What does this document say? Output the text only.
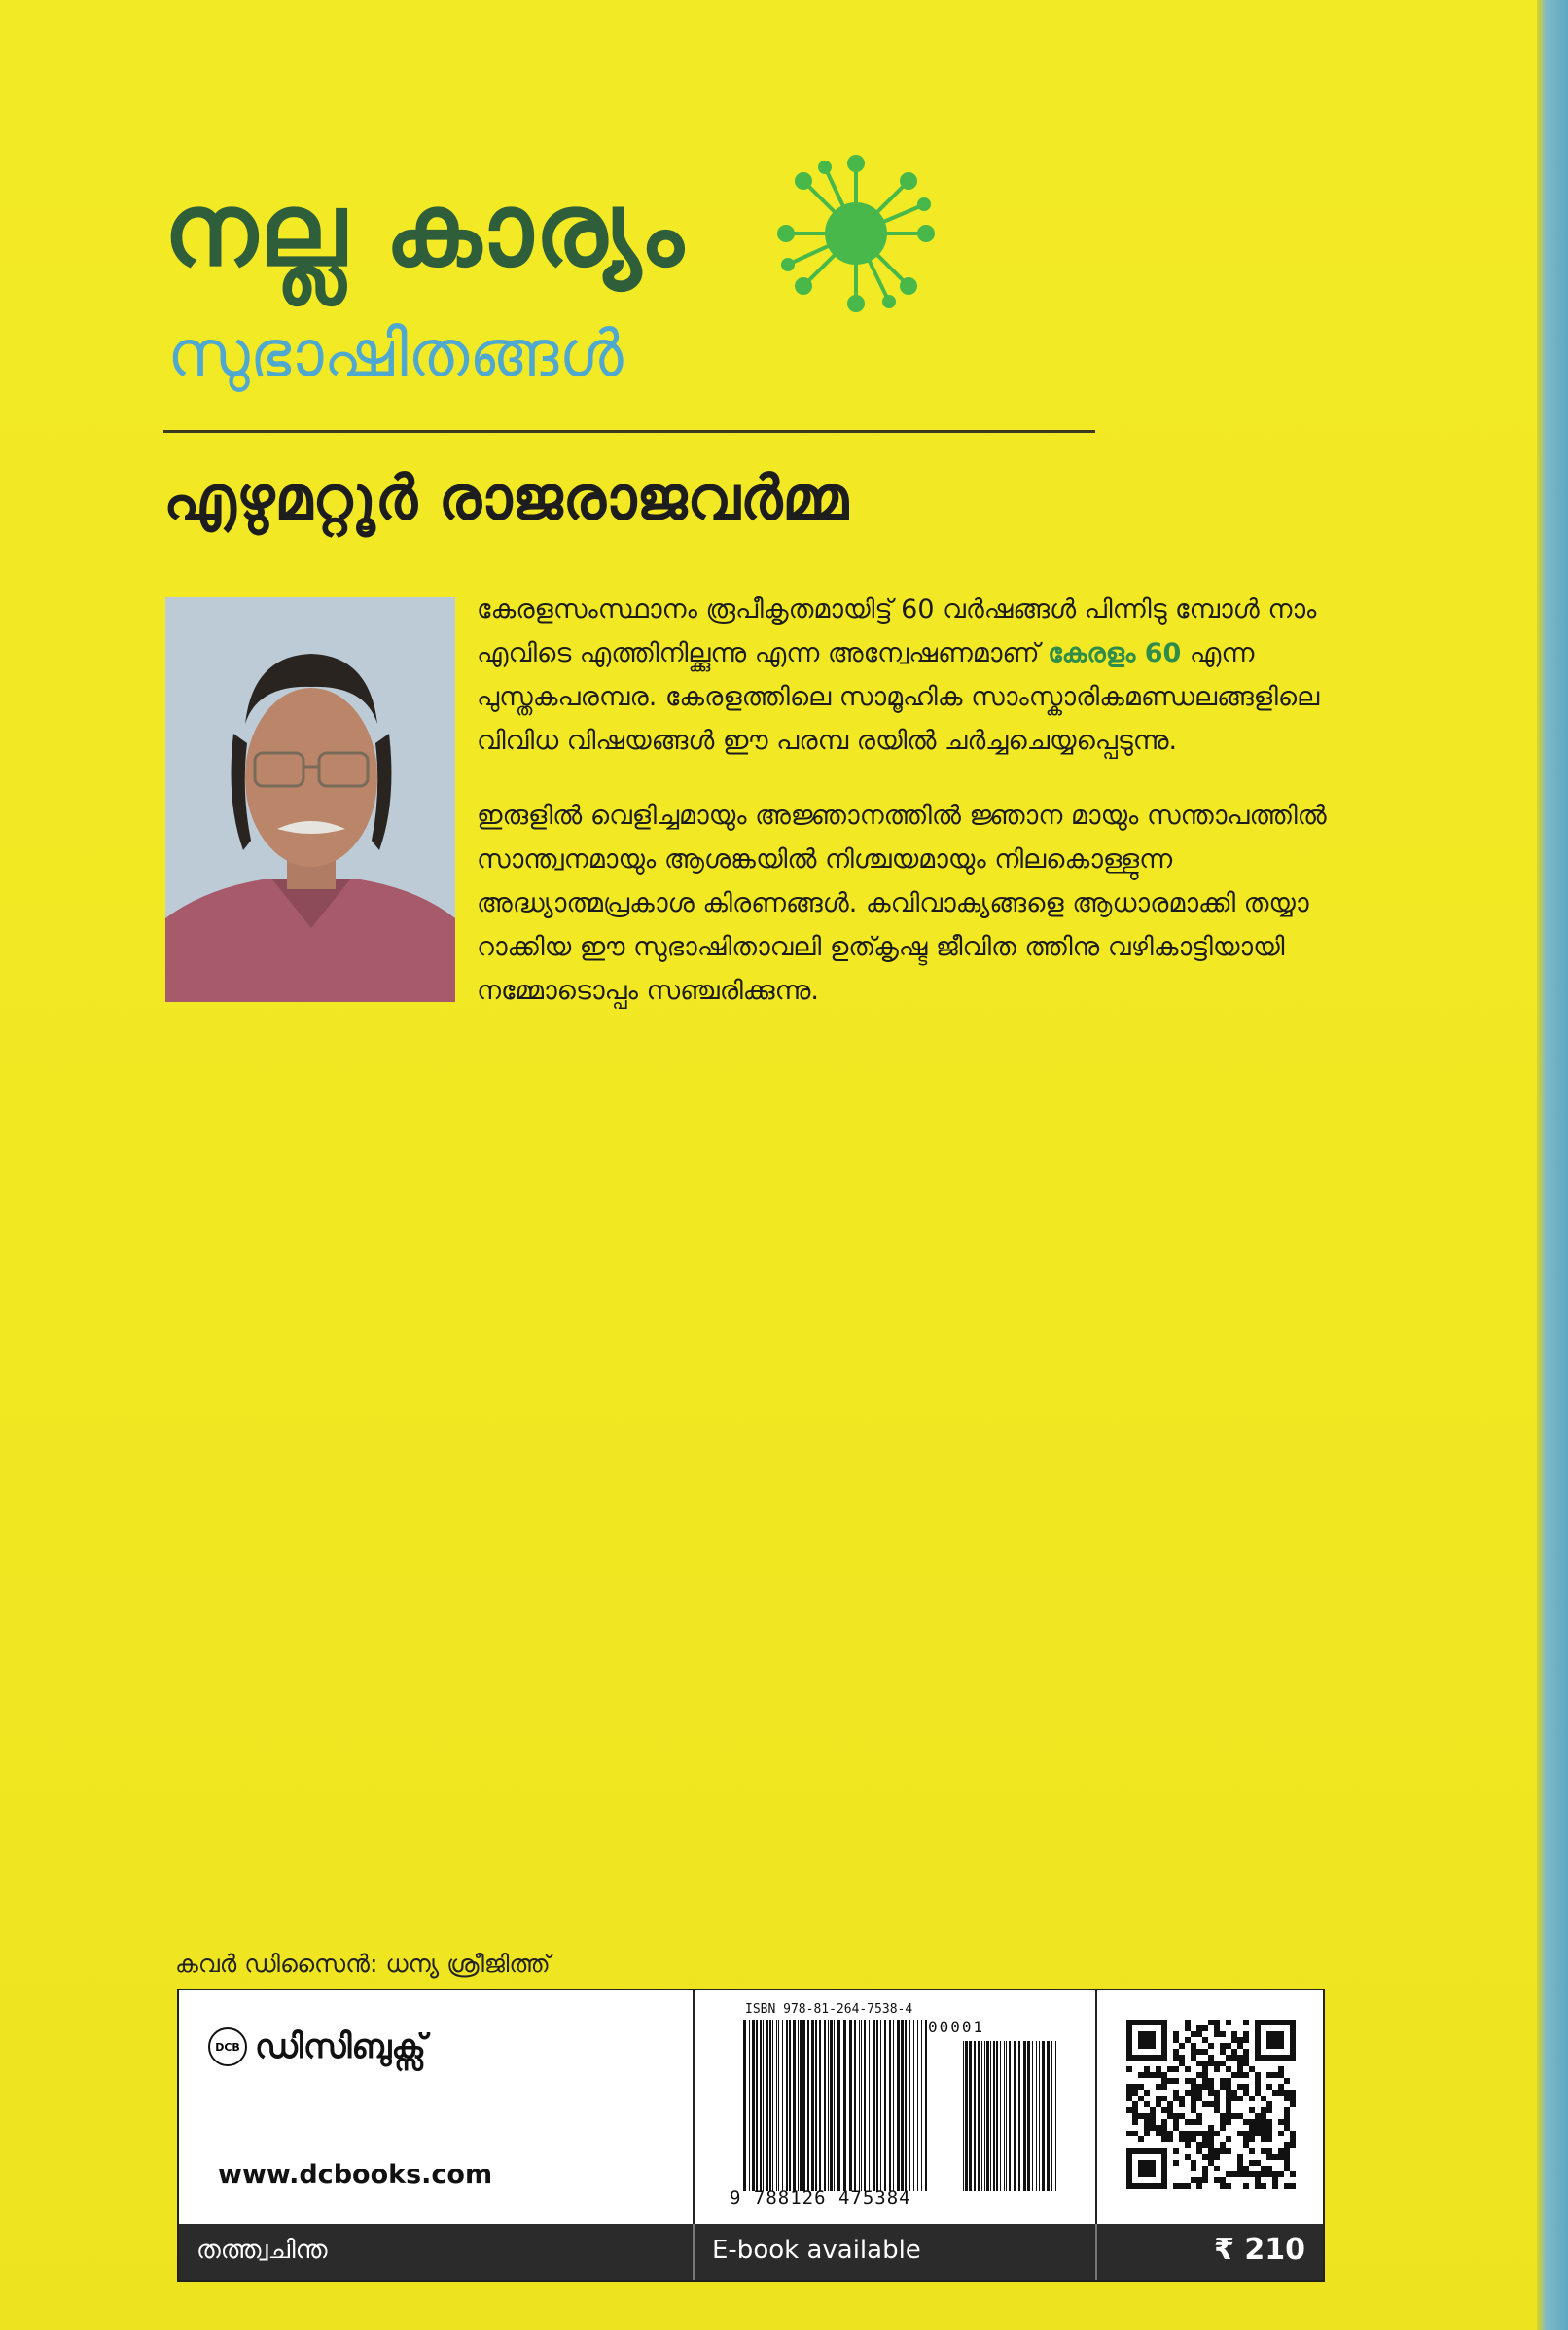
നല്ല കാര്യം
സുഭാഷിതങ്ങൾ
എഴുമറ്റൂർ രാജരാജവർമ്മ

കേരളസംസ്ഥാനം രൂപീകൃതമായിട്ട് 60 വർഷങ്ങൾ പിന്നിടു മ്പോൾ നാം എവിടെ എത്തിനില്ക്കുന്നു എന്ന അന്വേഷണമാണ് കേരളം 60 എന്ന പുസ്തകപരമ്പര. കേരളത്തിലെ സാമൂഹിക സാംസ്കാരികമണ്ഡലങ്ങളിലെ വിവിധ വിഷയങ്ങൾ ഈ പരമ്പ രയിൽ ചർച്ചചെയ്യപ്പെടുന്നു.

ഇരുളിൽ വെളിച്ചമായും അജ്ഞാനത്തിൽ ജ്ഞാന മായും സന്താപത്തിൽ സാന്ത്വനമായും ആശങ്കയിൽ നിശ്ചയമായും നിലകൊള്ളുന്ന അദ്ധ്യാത്മപ്രകാശ കിരണങ്ങൾ. കവിവാക്യങ്ങളെ ആധാരമാക്കി തയ്യാ റാക്കിയ ഈ സുഭാഷിതാവലി ഉത്കൃഷ്ട ജീവിത ത്തിനു വഴികാട്ടിയായി നമ്മോടൊപ്പം സഞ്ചരിക്കുന്നു.

കവർ ഡിസൈൻ: ധന്യ ശ്രീജിത്ത്
DCB ഡിസിബുക്സ്
www.dcbooks.com
ISBN 978-81-264-7538-4
00001
9 788126 475384
തത്ത്വചിന്ത	E-book available	₹ 210
